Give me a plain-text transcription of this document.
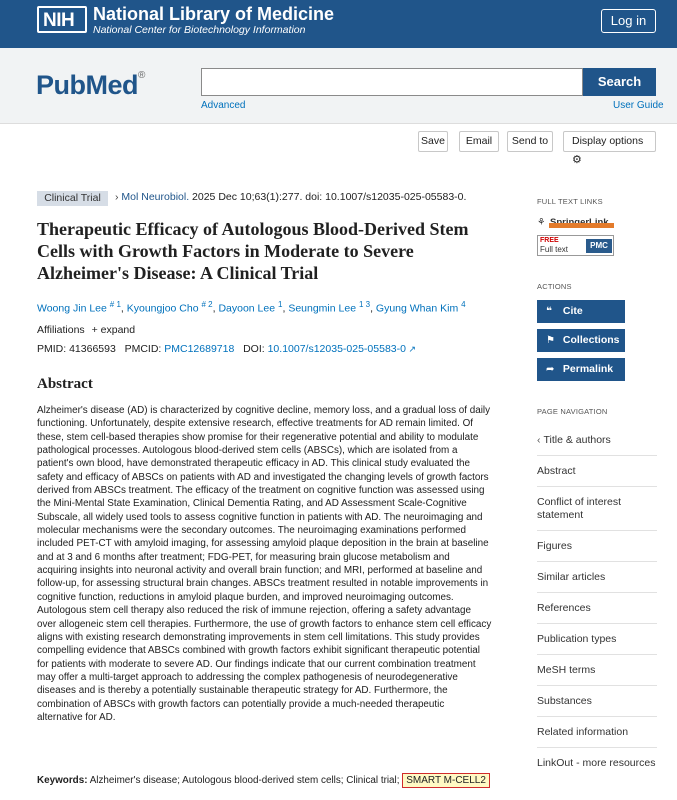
NIH National Library of Medicine
National Center for Biotechnology Information
Log in
PubMed®	Search
Advanced	User Guide
Save	Email	Send to	Display options ⚙
Clinical Trial	› Mol Neurobiol. 2025 Dec 10;63(1):277. doi: 10.1007/s12035-025-05583-0.
Therapeutic Efficacy of Autologous Blood-Derived Stem Cells with Growth Factors in Moderate to Severe Alzheimer's Disease: A Clinical Trial
Woong Jin Lee $^{\# 1}$, Kyoungjoo Cho $^{\# 2}$, Dayoon Lee $^1$, Seungmin Lee $^{1 3}$, Gyung Whan Kim $^4$
Affiliations + expand
PMID: 41366593 PMCID: PMC12689718 DOI: 10.1007/s12035-025-05583-0 ↗
Abstract

Alzheimer's disease (AD) is characterized by cognitive decline, memory loss, and a gradual loss of daily functioning. Unfortunately, despite extensive research, effective treatments for AD remain limited. Of these, stem cell-based therapies show promise for their regenerative potential and ability to modulate pathological processes. Autologous blood-derived stem cells (ABSCs), which are isolated from a patient's own blood, have demonstrated therapeutic efficacy in AD. This clinical study evaluated the safety and efficacy of ABSCs on patients with AD and investigated the changing levels of growth factors derived from ABSCs treatment. The efficacy of the treatment on cognitive function was assessed using the Mini-Mental State Examination, Clinical Dementia Rating, and AD Assessment Scale-Cognitive Subscale, all widely used tools to assess cognitive function in patients with AD. The neuroimaging and molecular mechanisms were the secondary outcomes. The neuroimaging examinations performed included PET-CT with amyloid imaging, for assessing amyloid plaque deposition in the brain at baseline and at 3 and 6 months after treatment; FDG-PET, for measuring brain glucose metabolism and acquiring insights into neuronal activity and overall brain function; and MRI, performed at baseline and follow-up, for assessing structural brain changes. ABSCs treatment resulted in notable improvements in cognitive function, reductions in amyloid plaque burden, and improved neuroimaging outcomes. Autologous stem cell therapy also reduced the risk of immune rejection, offering a safety advantage over allogeneic stem cell therapies. Furthermore, the use of growth factors to enhance stem cell efficacy aligns with existing research demonstrating improvements in stem cell limitations. This study provides compelling evidence that ABSCs combined with growth factors exhibit significant therapeutic potential for patients with moderate to severe AD. Our findings indicate that our current combination treatment may offer a multi-target approach to addressing the complex pathogenesis of neurodegenerative diseases and is thereby a potentially sustainable therapeutic strategy for AD. Furthermore, the combination of ABSCs with growth factors can potentially provide a much-needed therapeutic alternative for AD.

Keywords: Alzheimer's disease; Autologous blood-derived stem cells; Clinical trial; SMART M-CELL2
FULL TEXT LINKS
⚘
FREE
Full text	PMC
ACTIONS
❝ Cite
⚑ Collections
➦ Permalink
PAGE NAVIGATION
‹ Title & authors
Abstract
Conflict of interest statement
Figures
Similar articles
References
Publication types
MeSH terms
Substances
Related information
LinkOut - more resources
